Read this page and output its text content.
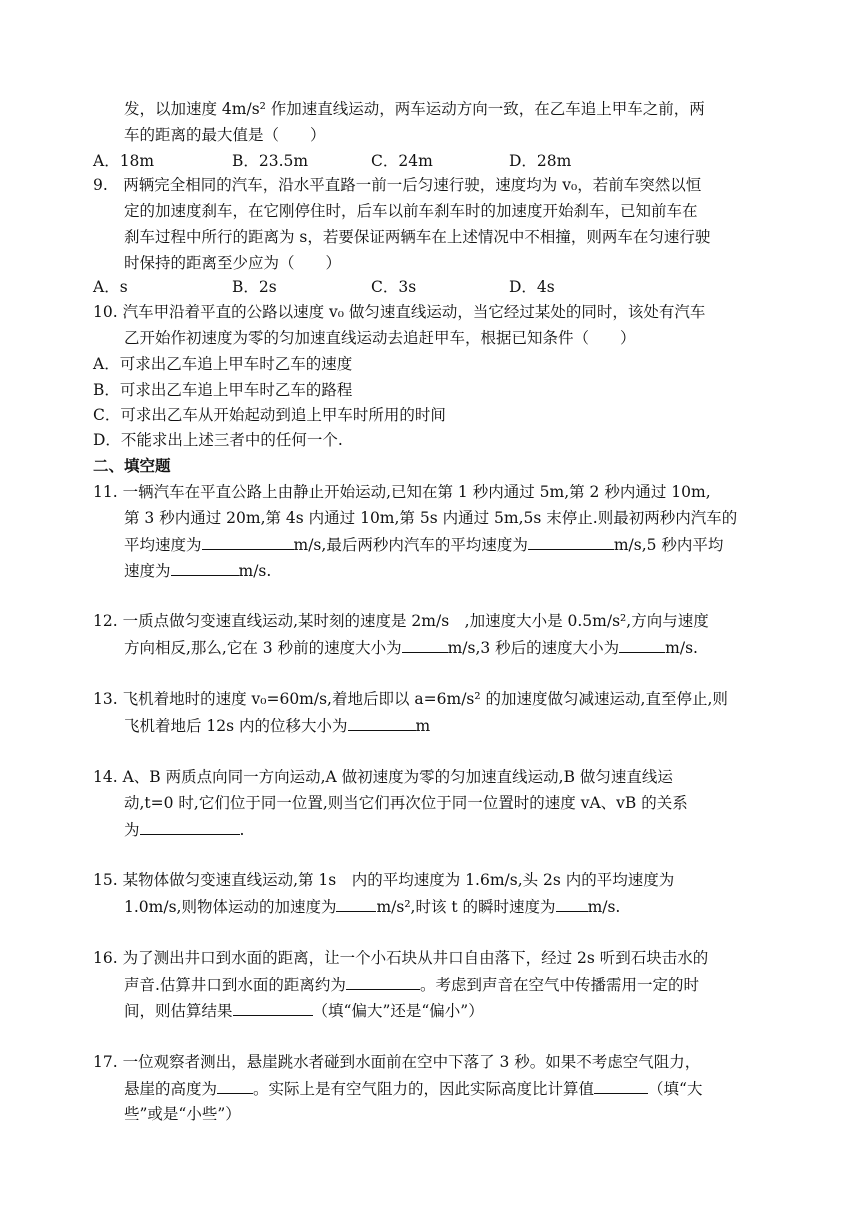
发，以加速度 4m/s² 作加速直线运动，两车运动方向一致，在乙车追上甲车之前，两
车的距离的最大值是（　　）
A．18m	B．23.5m	C．24m	D．28m
9.　两辆完全相同的汽车，沿水平直路一前一后匀速行驶，速度均为 v₀，若前车突然以恒
定的加速度刹车，在它刚停住时，后车以前车刹车时的加速度开始刹车，已知前车在
刹车过程中所行的距离为 s，若要保证两辆车在上述情况中不相撞，则两车在匀速行驶
时保持的距离至少应为（　　）
A．s	B．2s	C．3s	D．4s
10. 汽车甲沿着平直的公路以速度 v₀ 做匀速直线运动，当它经过某处的同时，该处有汽车
乙开始作初速度为零的匀加速直线运动去追赶甲车，根据已知条件（　　）
A．可求出乙车追上甲车时乙车的速度
B．可求出乙车追上甲车时乙车的路程
C．可求出乙车从开始起动到追上甲车时所用的时间
D．不能求出上述三者中的任何一个.
二、填空题
11. 一辆汽车在平直公路上由静止开始运动,已知在第 1 秒内通过 5m,第 2 秒内通过 10m,
第 3 秒内通过 20m,第 4s 内通过 10m,第 5s 内通过 5m,5s 末停止.则最初两秒内汽车的
平均速度为	m/s,最后两秒内汽车的平均速度为	m/s,5 秒内平均
速度为	m/s.
12. 一质点做匀变速直线运动,某时刻的速度是 2m/s　,加速度大小是 0.5m/s²,方向与速度
方向相反,那么,它在 3 秒前的速度大小为	m/s,3 秒后的速度大小为	m/s.
13. 飞机着地时的速度 v₀=60m/s,着地后即以 a=6m/s² 的加速度做匀减速运动,直至停止,则
飞机着地后 12s 内的位移大小为	m
14. A、B 两质点向同一方向运动,A 做初速度为零的匀加速直线运动,B 做匀速直线运
动,t=0 时,它们位于同一位置,则当它们再次位于同一位置时的速度 vA、vB 的关系
为	.
15. 某物体做匀变速直线运动,第 1s　内的平均速度为 1.6m/s,头 2s 内的平均速度为
1.0m/s,则物体运动的加速度为	m/s²,时该 t 的瞬时速度为 m/s.
16. 为了测出井口到水面的距离，让一个小石块从井口自由落下，经过 2s 听到石块击水的
声音.估算井口到水面的距离约为	。考虑到声音在空气中传播需用一定的时
间，则估算结果	（填“偏大”还是“偏小”）
17. 一位观察者测出，悬崖跳水者碰到水面前在空中下落了 3 秒。如果不考虑空气阻力，
悬崖的高度为 。实际上是有空气阻力的，因此实际高度比计算值	（填“大
些”或是“小些”）
